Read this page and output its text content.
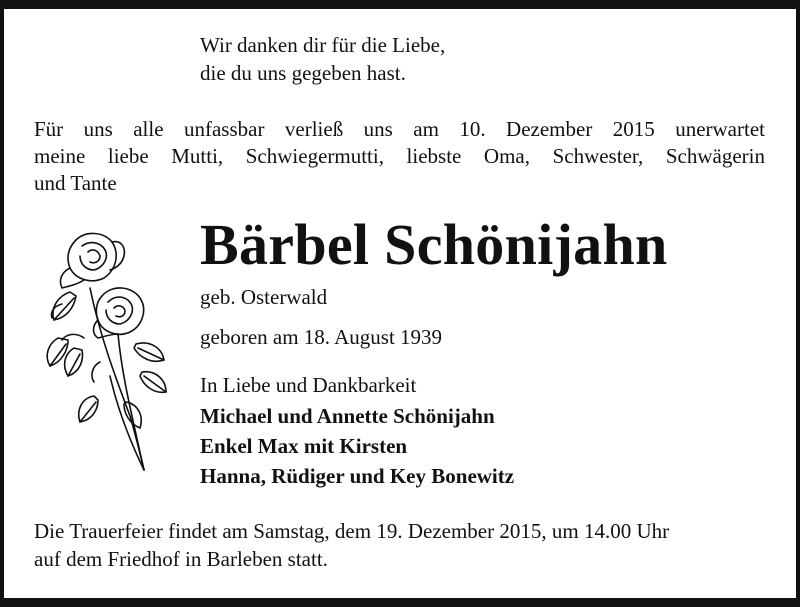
Wir danken dir für die Liebe,
die du uns gegeben hast.
Für uns alle unfassbar verließ uns am 10. Dezember 2015 unerwartet
meine liebe Mutti, Schwiegermutti, liebste Oma, Schwester, Schwägerin
und Tante
Bärbel Schönijahn
geb. Osterwald
geboren am 18. August 1939
In Liebe und Dankbarkeit
Michael und Annette Schönijahn
Enkel Max mit Kirsten
Hanna, Rüdiger und Key Bonewitz
Die Trauerfeier findet am Samstag, dem 19. Dezember 2015, um 14.00 Uhr
auf dem Friedhof in Barleben statt.
